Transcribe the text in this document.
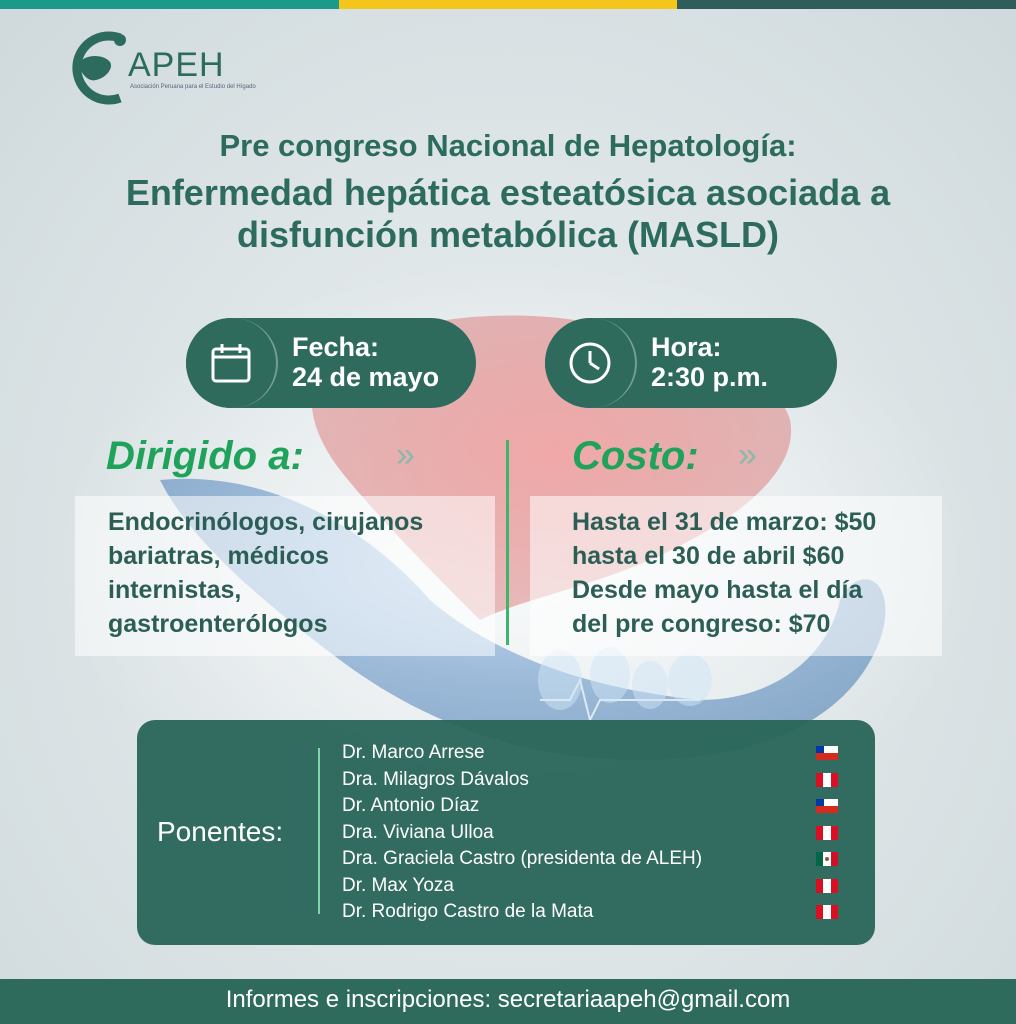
APEH
Asociación Peruana para el Estudio del Hígado
Pre congreso Nacional de Hepatología:
Enfermedad hepática esteatósica asociada a
disfunción metabólica (MASLD)
Fecha:
24 de mayo
Hora:
2:30 p.m.
Dirigido a:	»	Costo: »
Endocrinólogos, cirujanos
bariatras, médicos
internistas,
gastroenterólogos
Hasta el 31 de marzo: $50
hasta el 30 de abril $60
Desde mayo hasta el día
del pre congreso: $70
Ponentes:
Dr. Marco Arrese
Dra. Milagros Dávalos
Dr. Antonio Díaz
Dra. Viviana Ulloa
Dra. Graciela Castro (presidenta de ALEH)
Dr. Max Yoza
Dr. Rodrigo Castro de la Mata
Informes e inscripciones: secretariaapeh@gmail.com
